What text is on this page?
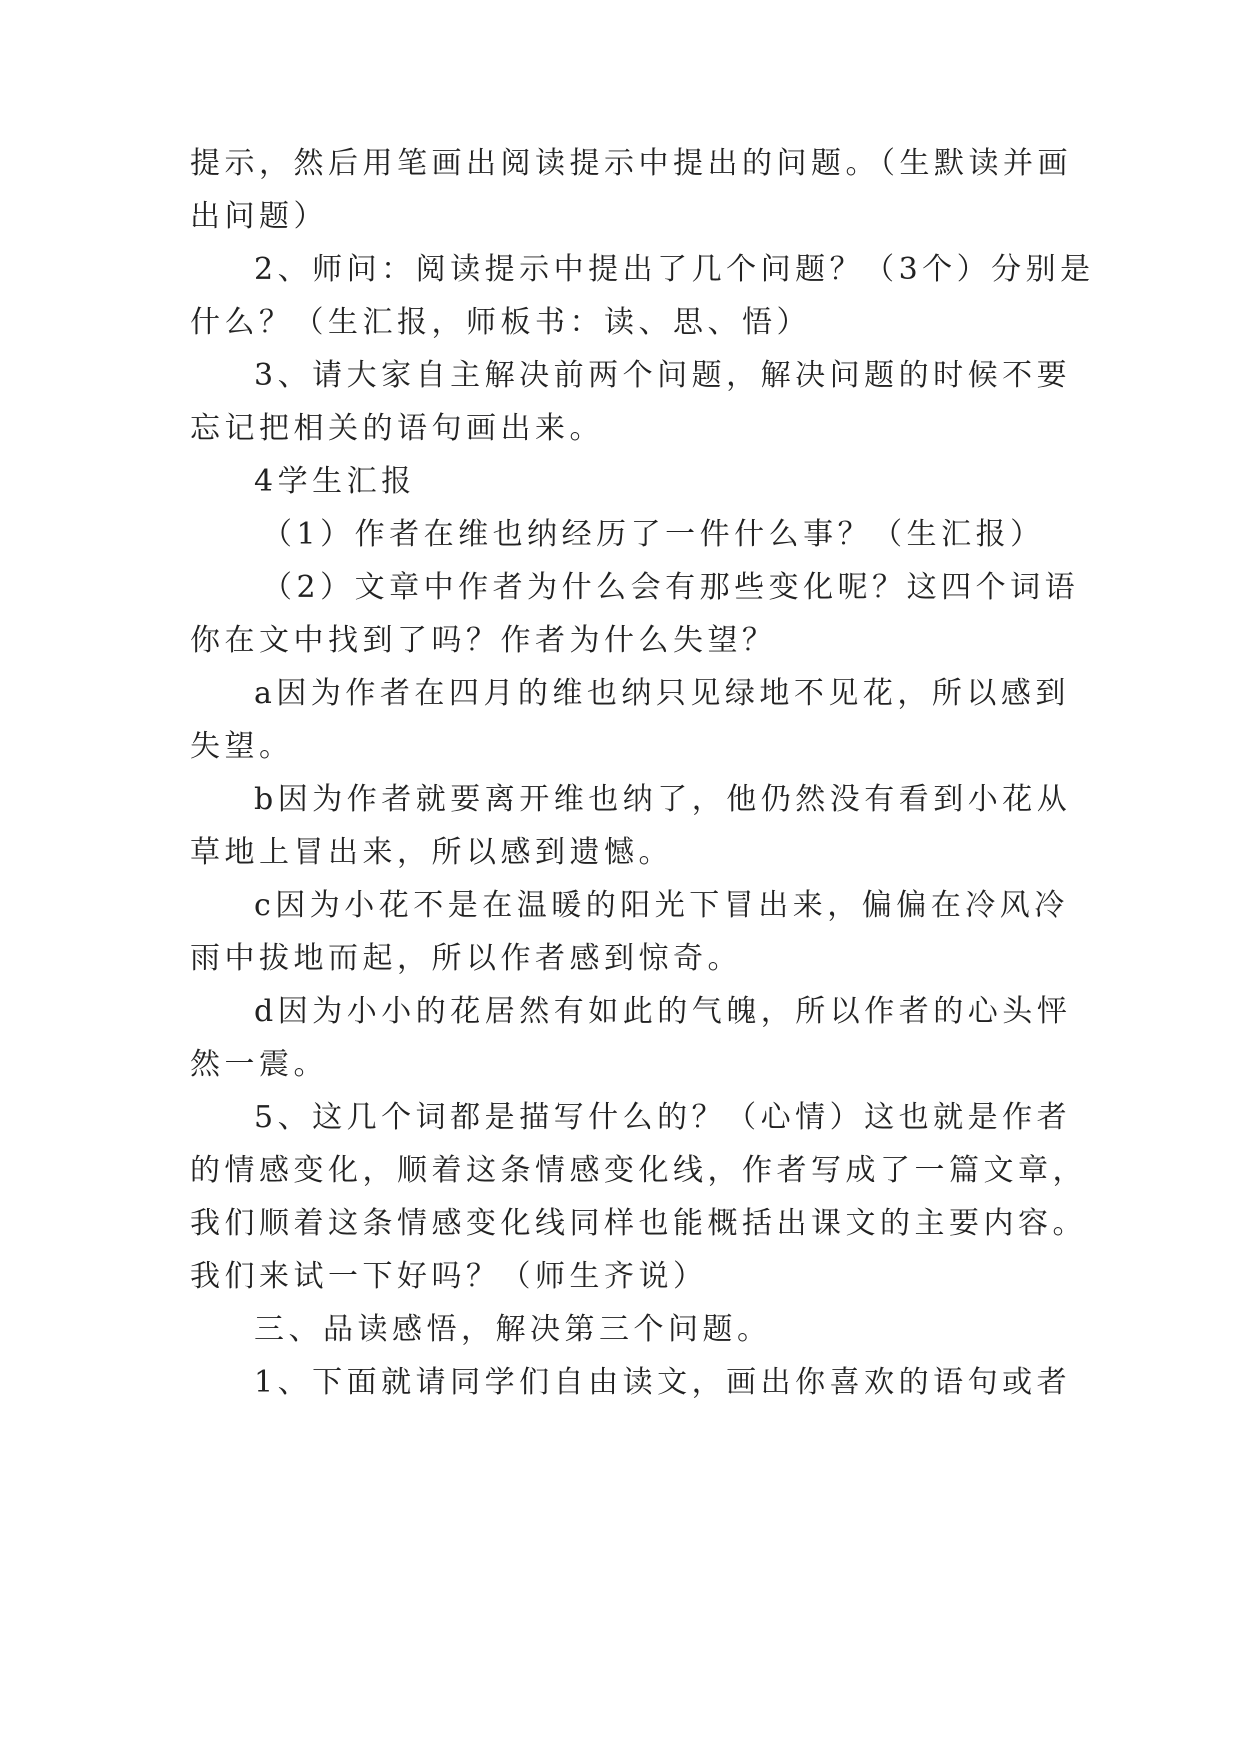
提示，然后用笔画出阅读提示中提出的问题。（生默读并画
出问题）
2、师问：阅读提示中提出了几个问题？（3个）分别是
什么？（生汇报，师板书：读、思、悟）
3、请大家自主解决前两个问题，解决问题的时候不要
忘记把相关的语句画出来。
4学生汇报
（1）作者在维也纳经历了一件什么事？（生汇报）
（2）文章中作者为什么会有那些变化呢？这四个词语
你在文中找到了吗？作者为什么失望？
a因为作者在四月的维也纳只见绿地不见花，所以感到
失望。
b因为作者就要离开维也纳了，他仍然没有看到小花从
草地上冒出来，所以感到遗憾。
c因为小花不是在温暖的阳光下冒出来，偏偏在冷风冷
雨中拔地而起，所以作者感到惊奇。
d因为小小的花居然有如此的气魄，所以作者的心头怦
然一震。
5、这几个词都是描写什么的？（心情）这也就是作者
的情感变化，顺着这条情感变化线，作者写成了一篇文章，
我们顺着这条情感变化线同样也能概括出课文的主要内容。
我们来试一下好吗？（师生齐说）
三、品读感悟，解决第三个问题。
1、下面就请同学们自由读文，画出你喜欢的语句或者
